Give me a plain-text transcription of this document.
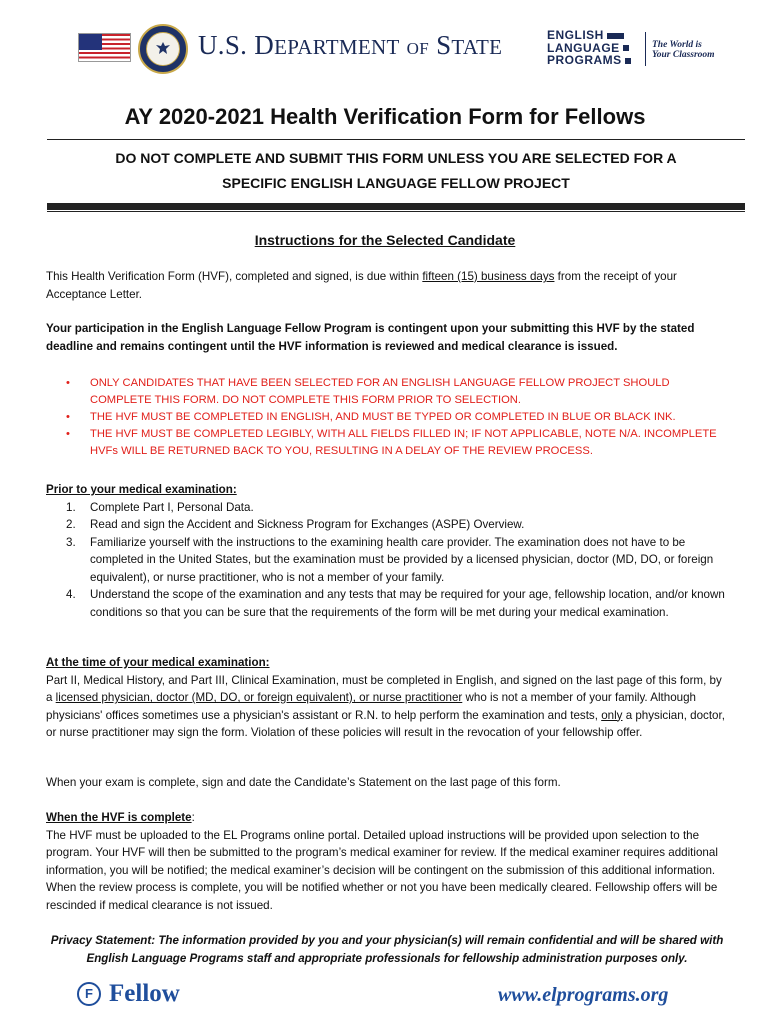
U.S. DEPARTMENT OF STATE	ENGLISH
LANGUAGE
PROGRAMS
The World is
Your Classroom
AY 2020-2021 Health Verification Form for Fellows
DO NOT COMPLETE AND SUBMIT THIS FORM UNLESS YOU ARE SELECTED FOR A
SPECIFIC ENGLISH LANGUAGE FELLOW PROJECT
Instructions for the Selected Candidate
This Health Verification Form (HVF), completed and signed, is due within fifteen (15) business days from the receipt of your Acceptance Letter.
Your participation in the English Language Fellow Program is contingent upon your submitting this HVF by the stated deadline and remains contingent until the HVF information is reviewed and medical clearance is issued.
• ONLY CANDIDATES THAT HAVE BEEN SELECTED FOR AN ENGLISH LANGUAGE FELLOW PROJECT SHOULD COMPLETE THIS FORM. DO NOT COMPLETE THIS FORM PRIOR TO SELECTION.
• THE HVF MUST BE COMPLETED IN ENGLISH, AND MUST BE TYPED OR COMPLETED IN BLUE OR BLACK INK.
• THE HVF MUST BE COMPLETED LEGIBLY, WITH ALL FIELDS FILLED IN; IF NOT APPLICABLE, NOTE N/A. INCOMPLETE HVFs WILL BE RETURNED BACK TO YOU, RESULTING IN A DELAY OF THE REVIEW PROCESS.
Prior to your medical examination:
1. Complete Part I, Personal Data.
2. Read and sign the Accident and Sickness Program for Exchanges (ASPE) Overview.
3. Familiarize yourself with the instructions to the examining health care provider. The examination does not have to be completed in the United States, but the examination must be provided by a licensed physician, doctor (MD, DO, or foreign equivalent), or nurse practitioner, who is not a member of your family.
4. Understand the scope of the examination and any tests that may be required for your age, fellowship location, and/or known conditions so that you can be sure that the requirements of the form will be met during your medical examination.
At the time of your medical examination:
Part II, Medical History, and Part III, Clinical Examination, must be completed in English, and signed on the last page of this form, by a licensed physician, doctor (MD, DO, or foreign equivalent), or nurse practitioner who is not a member of your family. Although physicians' offices sometimes use a physician's assistant or R.N. to help perform the examination and tests, only a physician, doctor, or nurse practitioner may sign the form. Violation of these policies will result in the revocation of your fellowship offer.
When your exam is complete, sign and date the Candidate’s Statement on the last page of this form.
When the HVF is complete:
The HVF must be uploaded to the EL Programs online portal. Detailed upload instructions will be provided upon selection to the program. Your HVF will then be submitted to the program’s medical examiner for review. If the medical examiner requires additional information, you will be notified; the medical examiner’s decision will be contingent on the submission of this additional information. When the review process is complete, you will be notified whether or not you have been medically cleared. Fellowship offers will be rescinded if medical clearance is not issued.
Privacy Statement: The information provided by you and your physician(s) will remain confidential and will be shared with English Language Programs staff and appropriate professionals for fellowship administration purposes only.
F Fellow	www.elprograms.org
